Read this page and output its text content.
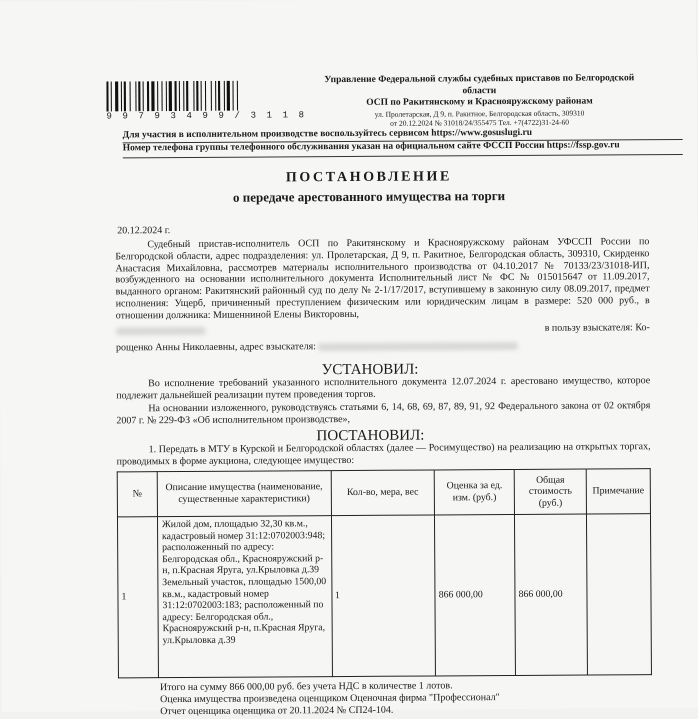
9 9 7 9 3 4 9 9 / 3 1 1 8
Управление Федеральной службы судебных приставов по Белгородской области
ОСП по Ракитянскому и Краснояружскому районам
ул. Пролетарская, Д 9, п. Ракитное, Белгородская область, 309310
от 20.12.2024 № 31018/24/355475 Тел. +7(4722)31-24-60
Для участия в исполнительном производстве воспользуйтесь сервисом https://www.gosuslugi.ru
Номер телефона группы телефонного обслуживания указан на официальном сайте ФССП России https://fssp.gov.ru
ПОСТАНОВЛЕНИЕ
о передаче арестованного имущества на торги
20.12.2024 г.
Судебный пристав-исполнитель ОСП по Ракитянскому и Краснояружскому районам УФССП России по Белгородской области, адрес подразделения: ул. Пролетарская, Д 9, п. Ракитное, Белгородская область, 309310, Скирденко Анастасия Михайловна, рассмотрев материалы исполнительного производства от 04.10.2017 № 70133/23/31018-ИП, возбужденного на основании исполнительного документа Исполнительный лист № ФС № 015015647 от 11.09.2017, выданного органом: Ракитянский районный суд по делу № 2-1/17/2017, вступившему в законную силу 08.09.2017, предмет исполнения: Ущерб, причиненный преступлением физическим или юридическим лицам в размере: 520 000 руб., в отношении должника: Мишенниной Елены Викторовны,
в пользу взыскателя: Ко-
рощенко Анны Николаевны, адрес взыскателя:
УСТАНОВИЛ:
Во исполнение требований указанного исполнительного документа 12.07.2024 г. арестовано имущество, которое подлежит дальнейшей реализации путем проведения торгов.
На основании изложенного, руководствуясь статьями 6, 14, 68, 69, 87, 89, 91, 92 Федерального закона от 02 октября 2007 г. № 229-ФЗ «Об исполнительном производстве»,
ПОСТАНОВИЛ:
1. Передать в МТУ в Курской и Белгородской областях (далее — Росимущество) на реализацию на открытых торгах, проводимых в форме аукциона, следующее имущество:
№	Описание имущества (наименование, существенные характеристики)	Кол-во, мера, вес	Оценка за ед. изм. (руб.)	Общая стоимость (руб.)	Примечание
1	Жилой дом, площадью 32,30 кв.м., кадастровый номер 31:12:0702003:948; расположенный по адресу: Белгородская обл., Краснояружский р-н, п.Красная Яруга, ул.Крыловка д.39
Земельный участок, площадью 1500,00 кв.м., кадастровый номер 31:12:0702003:183; расположенный по адресу: Белгородская обл., Краснояружский р-н, п.Красная Яруга, ул.Крыловка д.39	1	866 000,00	866 000,00	
Итого на сумму 866 000,00 руб. без учета НДС в количестве 1 лотов.
Оценка имущества произведена оценщиком Оценочная фирма "Профессионал"
Отчет оценщика оценщика от 20.11.2024 № СП24-104.
